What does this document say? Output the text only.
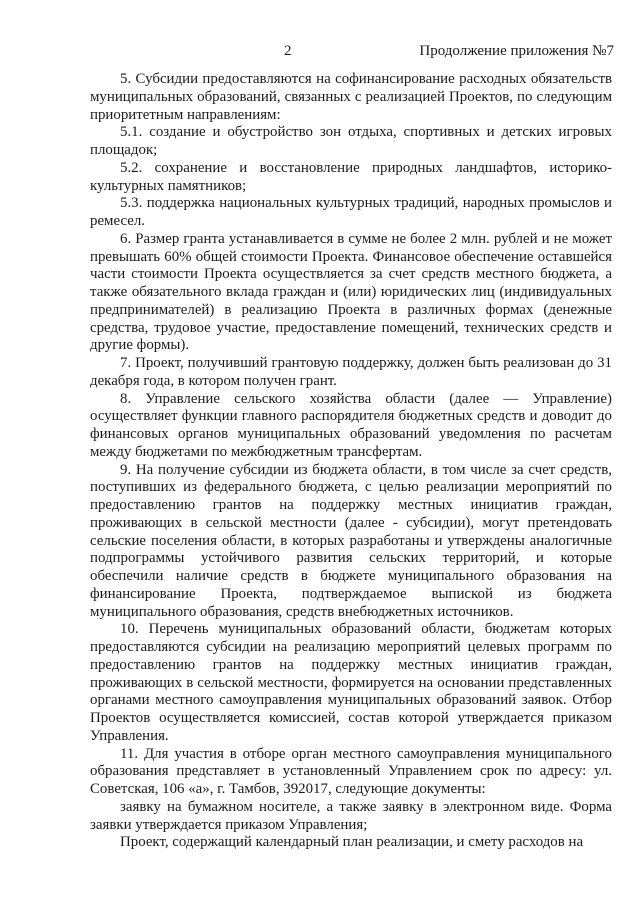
2	Продолжение приложения №7

5. Субсидии предоставляются на софинансирование расходных обязательств муниципальных образований, связанных с реализацией Проектов, по следующим приоритетным направлениям:

5.1. создание и обустройство зон отдыха, спортивных и детских игровых площадок;

5.2. сохранение и восстановление природных ландшафтов, историко-культурных памятников;

5.3. поддержка национальных культурных традиций, народных промыслов и ремесел.

6. Размер гранта устанавливается в сумме не более 2 млн. рублей и не может превышать 60% общей стоимости Проекта. Финансовое обеспечение оставшейся части стоимости Проекта осуществляется за счет средств местного бюджета, а также обязательного вклада граждан и (или) юридических лиц (индивидуальных предпринимателей) в реализацию Проекта в различных формах (денежные средства, трудовое участие, предоставление помещений, технических средств и другие формы).

7. Проект, получивший грантовую поддержку, должен быть реализован до 31 декабря года, в котором получен грант.

8. Управление сельского хозяйства области (далее — Управление) осуществляет функции главного распорядителя бюджетных средств и доводит до финансовых органов муниципальных образований уведомления по расчетам между бюджетами по межбюджетным трансфертам.

9. На получение субсидии из бюджета области, в том числе за счет средств, поступивших из федерального бюджета, с целью реализации мероприятий по предоставлению грантов на поддержку местных инициатив граждан, проживающих в сельской местности (далее - субсидии), могут претендовать сельские поселения области, в которых разработаны и утверждены аналогичные подпрограммы устойчивого развития сельских территорий, и которые обеспечили наличие средств в бюджете муниципального образования на финансирование Проекта, подтверждаемое выпиской из бюджета муниципального образования, средств внебюджетных источников.

10. Перечень муниципальных образований области, бюджетам которых предоставляются субсидии на реализацию мероприятий целевых программ по предоставлению грантов на поддержку местных инициатив граждан, проживающих в сельской местности, формируется на основании представленных органами местного самоуправления муниципальных образований заявок. Отбор Проектов осуществляется комиссией, состав которой утверждается приказом Управления.

11. Для участия в отборе орган местного самоуправления муниципального образования представляет в установленный Управлением срок по адресу: ул. Советская, 106 «а», г. Тамбов, 392017, следующие документы:

заявку на бумажном носителе, а также заявку в электронном виде. Форма заявки утверждается приказом Управления;

Проект, содержащий календарный план реализации, и смету расходов на
